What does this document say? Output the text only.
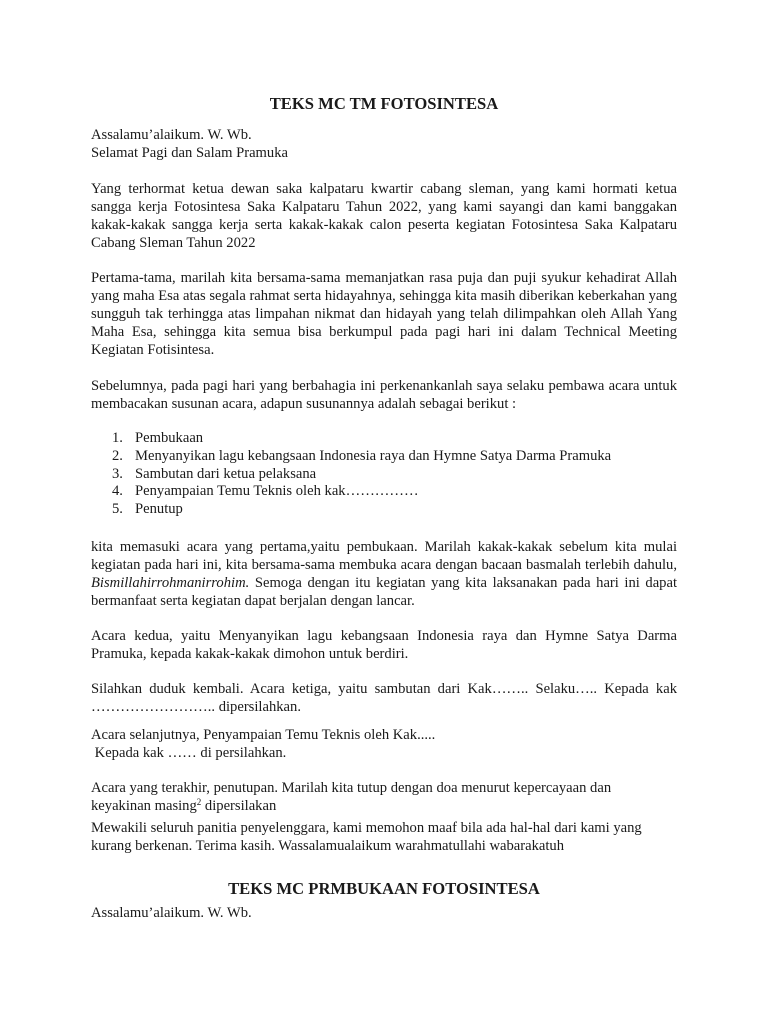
TEKS MC TM FOTOSINTESA

Assalamu’alaikum. W. Wb.
Selamat Pagi dan Salam Pramuka

Yang terhormat ketua dewan saka kalpataru kwartir cabang sleman, yang kami hormati ketua sangga kerja Fotosintesa Saka Kalpataru Tahun 2022, yang kami sayangi dan kami banggakan kakak-kakak sangga kerja serta kakak-kakak calon peserta kegiatan Fotosintesa Saka Kalpataru Cabang Sleman Tahun 2022

Pertama-tama, marilah kita bersama-sama memanjatkan rasa puja dan puji syukur kehadirat Allah yang maha Esa atas segala rahmat serta hidayahnya, sehingga kita masih diberikan keberkahan yang sungguh tak terhingga atas limpahan nikmat dan hidayah yang telah dilimpahkan oleh Allah Yang Maha Esa, sehingga kita semua bisa berkumpul pada pagi hari ini dalam Technical Meeting Kegiatan Fotisintesa.

Sebelumnya, pada pagi hari yang berbahagia ini perkenankanlah saya selaku pembawa acara untuk membacakan susunan acara, adapun susunannya adalah sebagai berikut :

1. Pembukaan
2. Menyanyikan lagu kebangsaan Indonesia raya dan Hymne Satya Darma Pramuka
3. Sambutan dari ketua pelaksana
4. Penyampaian Temu Teknis oleh kak……………
5. Penutup

kita memasuki acara yang pertama,yaitu pembukaan. Marilah kakak-kakak sebelum kita mulai kegiatan pada hari ini, kita bersama-sama membuka acara dengan bacaan basmalah terlebih dahulu, Bismillahirrohmanirrohim. Semoga dengan itu kegiatan yang kita laksanakan pada hari ini dapat bermanfaat serta kegiatan dapat berjalan dengan lancar.

Acara kedua, yaitu Menyanyikan lagu kebangsaan Indonesia raya dan Hymne Satya Darma Pramuka, kepada kakak-kakak dimohon untuk berdiri.

Silahkan duduk kembali. Acara ketiga, yaitu sambutan dari Kak…….. Selaku….. Kepada kak …………………….. dipersilahkan.

Acara selanjutnya, Penyampaian Temu Teknis oleh Kak.....
Kepada kak …… di persilahkan.

Acara yang terakhir, penutupan. Marilah kita tutup dengan doa menurut kepercayaan dan
keyakinan masing$^2$ dipersilakan

Mewakili seluruh panitia penyelenggara, kami memohon maaf bila ada hal-hal dari kami yang
kurang berkenan. Terima kasih. Wassalamualaikum warahmatullahi wabarakatuh

TEKS MC PRMBUKAAN FOTOSINTESA

Assalamu’alaikum. W. Wb.
